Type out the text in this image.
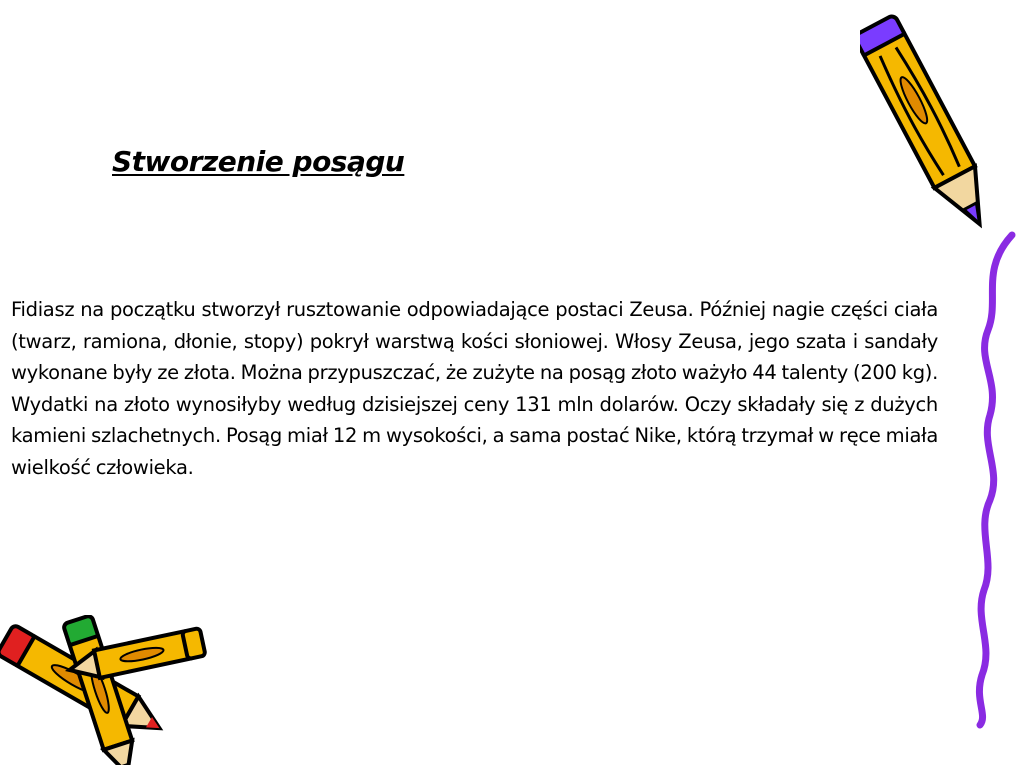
Stworzenie posągu

Fidiasz na początku stworzył rusztowanie odpowiadające postaci Zeusa. Później nagie części ciała (twarz, ramiona, dłonie, stopy) pokrył warstwą kości słoniowej. Włosy Zeusa, jego szata i sandały wykonane były ze złota. Można przypuszczać, że zużyte na posąg złoto ważyło 44 talenty (200 kg). Wydatki na złoto wynosiłyby według dzisiejszej ceny 131 mln dolarów. Oczy składały się z dużych kamieni szlachetnych. Posąg miał 12 m wysokości, a sama postać Nike, którą trzymał w ręce miała wielkość człowieka.
